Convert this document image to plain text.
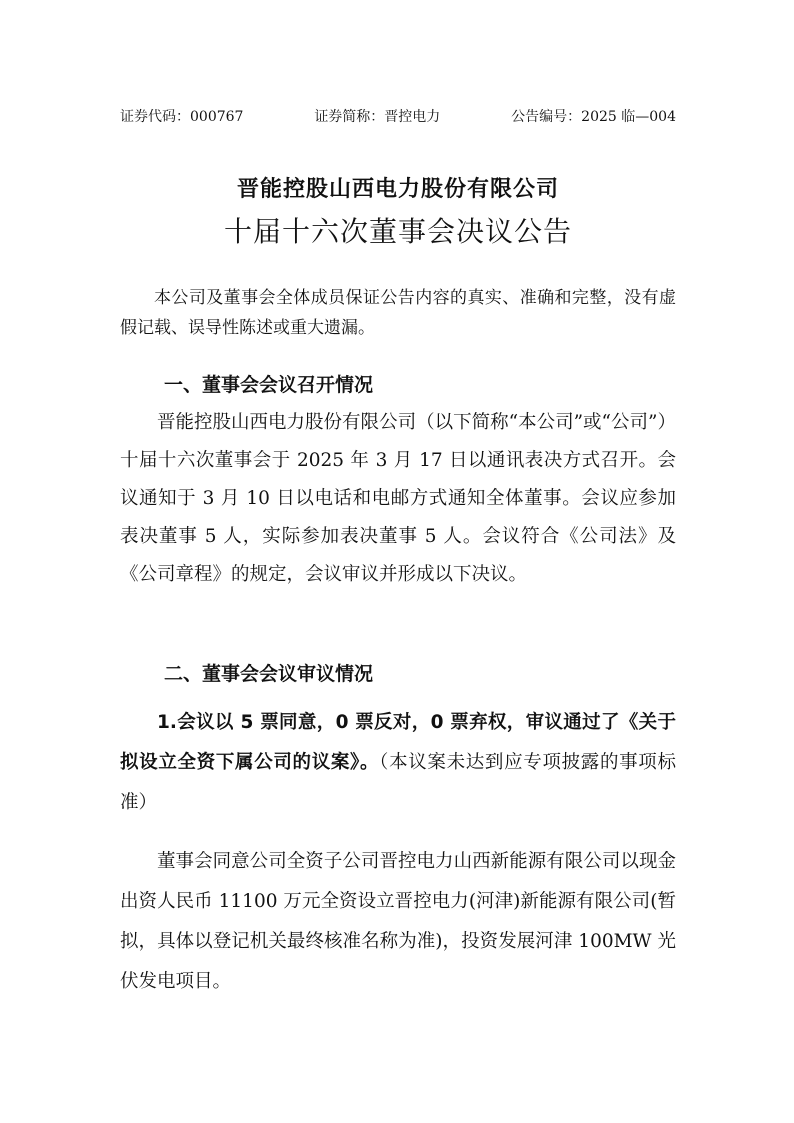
证券代码：000767	证券简称：晋控电力	公告编号：2025 临—004
晋能控股山西电力股份有限公司
十届十六次董事会决议公告

本公司及董事会全体成员保证公告内容的真实、准确和完整，没有虚假记载、误导性陈述或重大遗漏。

一、董事会会议召开情况

晋能控股山西电力股份有限公司（以下简称“本公司”或“公司”）十届十六次董事会于 2025 年 3 月 17 日以通讯表决方式召开。会议通知于 3 月 10 日以电话和电邮方式通知全体董事。会议应参加表决董事 5 人，实际参加表决董事 5 人。会议符合《公司法》及《公司章程》的规定，会议审议并形成以下决议。

二、董事会会议审议情况

1.会议以 5 票同意，0 票反对，0 票弃权，审议通过了《关于拟设立全资下属公司的议案》。（本议案未达到应专项披露的事项标准）

董事会同意公司全资子公司晋控电力山西新能源有限公司以现金出资人民币 11100 万元全资设立晋控电力(河津)新能源有限公司(暂拟，具体以登记机关最终核准名称为准)，投资发展河津 100MW 光伏发电项目。
